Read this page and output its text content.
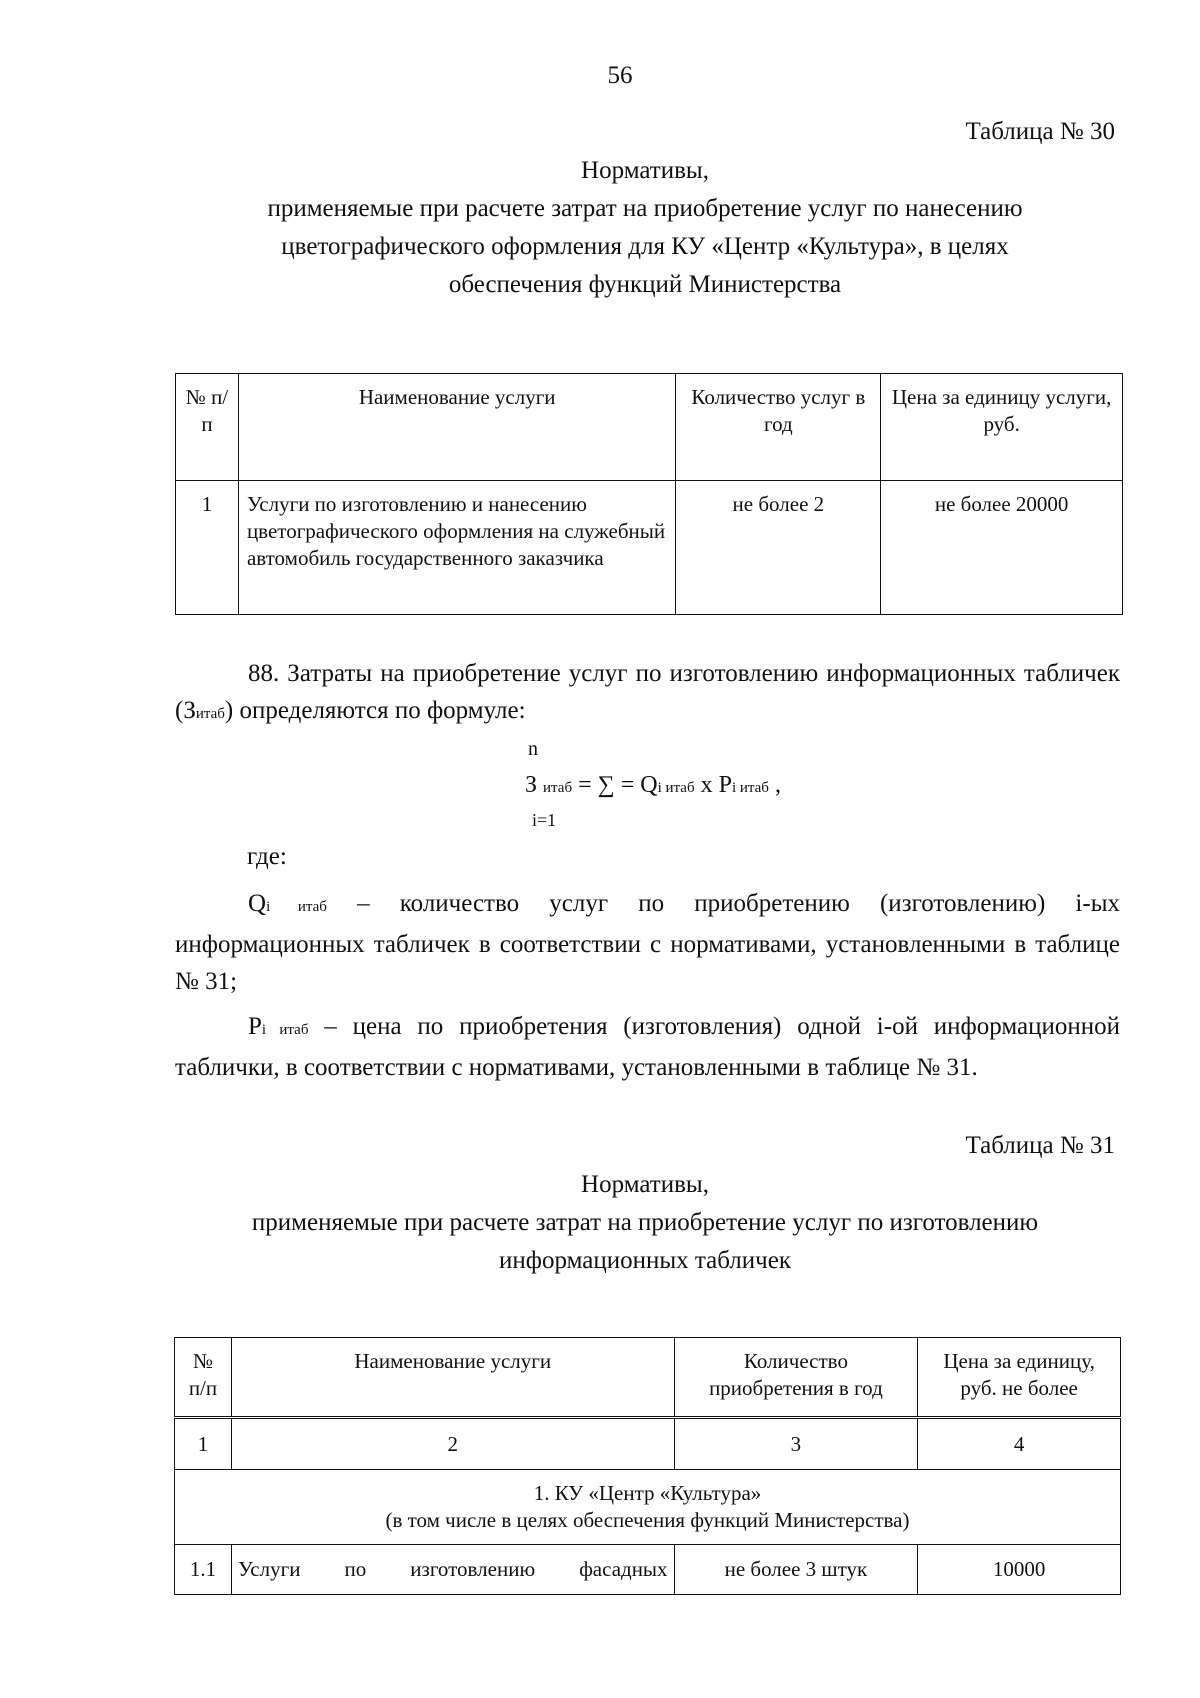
56
Таблица № 30
Нормативы,
применяемые при расчете затрат на приобретение услуг по нанесению
цветографического оформления для КУ «Центр «Культура», в целях
обеспечения функций Министерства
№ п/п	Наименование услуги	Количество услуг в год	Цена за единицу услуги, руб.

1	Услуги по изготовлению и нанесению цветографического оформления на служебный автомобиль государственного заказчика	не более 2	не более 20000
88. Затраты на приобретение услуг по изготовлению информационных табличек (Зитаб) определяются по формуле:
n
З итаб = ∑ = Qi итаб х Pi итаб ,
i=1
где:
Qi итаб – количество услуг по приобретению (изготовлению) i-ых информационных табличек в соответствии с нормативами, установленными в таблице № 31;
Pi итаб – цена по приобретения (изготовления) одной i-ой информационной таблички, в соответствии с нормативами, установленными в таблице № 31.
Таблица № 31
Нормативы,
применяемые при расчете затрат на приобретение услуг по изготовлению
информационных табличек
№ п/п	Наименование услуги	Количество приобретения в год	Цена за единицу, руб. не более

1	2	3	4

1. КУ «Центр «Культура»
(в том числе в целях обеспечения функций Министерства)			

1.1	Услуги по изготовлению фасадных	не более 3 штук	10000
